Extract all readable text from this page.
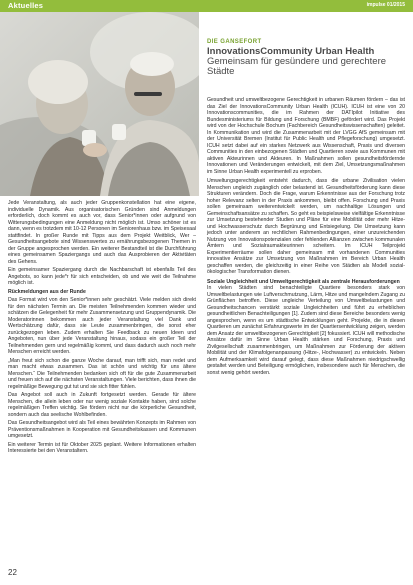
Aktuelles	impulse 01/2015
DIE GANSEFORT
InnovationsCommunity Urban Health
Gemeinsam für gesündere und gerechtere Städte

Gesundheit und umweltbezogene Gerechtigkeit in urbanen Räumen fördern – das ist das Ziel der InnovationsCommunity Urban Health (ICUH). ICUH ist eine von 20 Innovationscommunities, die im Rahmen der DATIpilot Initiative des Bundesministeriums für Bildung und Forschung (BMBF) gefördert wird. Das Projekt wird von der Hochschule Bochum (Fachbereich Gesundheitswissenschaften) geleitet. In Kommunikation und wird die Zusammenarbeit mit der LVGG AfS gemeinsam mit der Universität Bremen (Institut für Public Health und Pflegeforschung) umgesetzt. ICUH setzt dabei auf ein starkes Netzwerk aus Wissenschaft, Praxis und diversen Communities in den einbezogenen Städten und Quartieren sowie aus Kommunen mit aktiven Akteurinnen und Akteuren. In Maßnahmen sollen gesundheitsfördernde Innovationen und Veränderungen entwickelt, mit dem Ziel, Umsetzungsmaßnahmen im Sinne Urban Health experimentell zu erproben.

Umweltungsgerechtigkeit entsteht dadurch, dass die urbane Zivilisation vielen Menschen ungleich zugänglich oder belastend ist. Gesundheitsförderung kann diese Strukturen verändern. Doch die Frage, warum Erkenntnisse aus der Forschung trotz hoher Relevanz selten in der Praxis ankommen, bleibt offen. Forschung und Praxis sollen gemeinsam weiterentwickelt werden, um nachhaltige Lösungen und Gemeinschaftsansätze zu schaffen. So geht es beispielsweise vielfältige Erkenntnisse zur Umsetzung bestehender Studien und Pläne für eine Mobilität oder mehr Hitze- und Hochwasserschutz durch Begrünung und Entsiegelung. Die Umsetzung kann jedoch unter anderem an rechtlichen Rahmenbedingungen, einer unzureichenden Nutzung von Innovationspotenzialen oder fehlenden Allianzen zwischen kommunalen Ämtern und Sozialraumakteurinnen scheitern. Im ICUH Teilprojekt Experimentierräume sollen daher gemeinsam mit vorhandenen Communities innovative Ansätze zur Umsetzung von Maßnahmen im Bereich Urban Health geschaffen werden, die gleichzeitig in einer Reihe von Städten als Modell sozial-ökologischer Transformation dienen.

Soziale Ungleichheit und Umweltgerechtigkeit als zentrale Herausforderungen

In vielen Städten sind benachteiligte Quartiere besonders stark von Umweltbelastungen wie Luftverschmutzung, Lärm, Hitze und mangelndem Zugang zu Grünflächen betroffen. Diese ungleiche Verteilung von Umweltbelastungen und Gesundheitschancen verstärkt soziale Ungleichheiten und führt zu erheblichen gesundheitlichen Benachteiligungen [1]. Zudem sind diese Bereiche besonders wenig angesprochen, wenn es um städtische Entwicklungen geht. Projekte, die in diesen Quartieren um zunächst Erfahrungswerte im der Quartiersentwicklung zeigen, werden dem Ansatz der umweltbezogenen Gerechtigkeit [2] fokussiert. ICUH will methodische Ansätze dafür im Sinne Urban Health stärken und Forschung, Praxis und Zivilgesellschaft zusammenbringen, um Maßnahmen zur Förderung der aktiven Mobilität und der Klimafolgenanpassung (Hitze-, Hochwasser) zu entwickeln. Neben dem Aufmerksamkeit wird darauf gelegt, dass diese Maßnahmen niedrigschwellig gestaltet werden und Beteiligung ermöglichen, insbesondere auch für Menschen, die sonst wenig gehört werden.

Jede Veranstaltung, als auch jeder Gruppenkonstellation hat eine eigene, individuelle Dynamik. Aus organisatorischen Gründen sind Anmeldungen erforderlich, doch kommt es auch vor, dass Senior*innen oder aufgrund von Witterungsbedingungen eine Anmeldung nicht möglich ist. Umso schöner ist es dann, wenn es trotzdem mit 10-12 Personen im Seniorenhaus bzw. im Speisesaal stattfindet. In großer Runde mit Tipps aus dem Projekt Weitblick, Wer – Gesundheitsangebote sind Wissenswertes zu ernährungsbezogenen Themen in der Gruppe angesprochen werden. Ein weiterer Bestandteil ist die Durchführung eines gemeinsamen Spaziergangs und auch das Ausprobieren der Aktivitäten des Gehens.

Ein gemeinsamer Spaziergang durch die Nachbarschaft ist ebenfalls Teil des Angebots, so kann jede*r für sich entscheiden, ob und wie weit die Teilnahme möglich ist.

Rückmeldungen aus der Runde

Das Format wird von den Senior*innen sehr geschätzt. Viele melden sich direkt für den nächsten Termin an. Die meisten Teilnehmenden kommen wieder und schätzen die Gelegenheit für mehr Zusammensetzung und Gruppendynamik. Die Moderatorinnen bekommen auch jeder Veranstaltung viel Dank und Wertschätzung dafür, dass sie Leute zusammenbringen, die sonst eher zurückgezogen leben. Zudem erhalten Sie Feedback zu neuen Ideen und Angeboten, nun über jede Veranstaltung hinaus, sodass ein großer Teil der Teilnehmenden gern und regelmäßig kommt, und dass dadurch auch noch mehr Menschen erreicht werden.

„Man freut sich schon die ganze Woche darauf, man trifft sich, man redet und man macht etwas zusammen. Das ist schön und wichtig für uns ältere Menschen.“ Die Teilnehmenden bedanken sich oft für die gute Zusammenarbeit und freuen sich auf die nächsten Veranstaltungen. Viele berichten, dass ihnen die regelmäßige Bewegung gut tut und sie sich fitter fühlen.

Das Angebot soll auch in Zukunft fortgesetzt werden. Gerade für ältere Menschen, die allein leben oder nur wenig soziale Kontakte haben, sind solche regelmäßigen Treffen wichtig. Sie fördern nicht nur die körperliche Gesundheit, sondern auch das seelische Wohlbefinden.

Das Gesundheitsangebot wird als Teil eines bewährten Konzepts im Rahmen von Präventionsmaßnahmen in Kooperation mit Gesundheitskassen und Kommunen umgesetzt.

Ein weiterer Termin ist für Oktober 2025 geplant. Weitere Informationen erhalten Interessierte bei den Veranstaltern.

22
